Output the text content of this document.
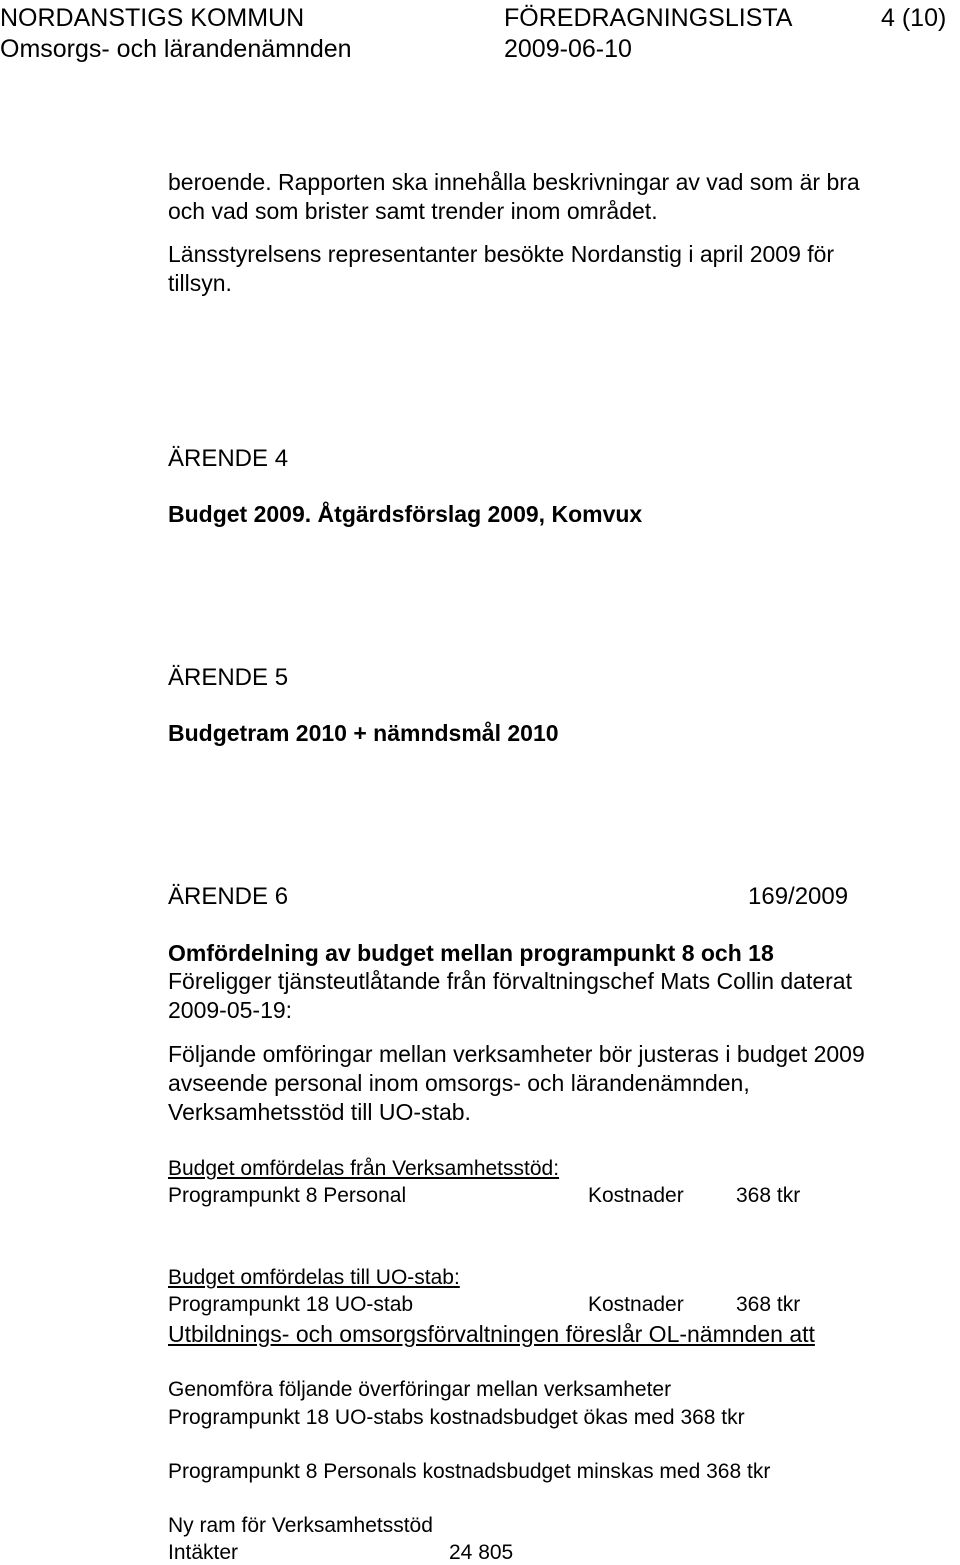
NORDANSTIGS KOMMUN	FÖREDRAGNINGSLISTA	4 (10)
Omsorgs- och lärandenämnden	2009-06-10
beroende. Rapporten ska innehålla beskrivningar av vad som är bra
och vad som brister samt trender inom området.
Länsstyrelsens representanter besökte Nordanstig i april 2009 för
tillsyn.
ÄRENDE 4
Budget 2009. Åtgärdsförslag 2009, Komvux
ÄRENDE 5
Budgetram 2010 + nämndsmål 2010
ÄRENDE 6	169/2009
Omfördelning av budget mellan programpunkt 8 och 18
Föreligger tjänsteutlåtande från förvaltningschef Mats Collin daterat
2009-05-19:
Följande omföringar mellan verksamheter bör justeras i budget 2009
avseende personal inom omsorgs- och lärandenämnden,
Verksamhetsstöd till UO-stab.
Budget omfördelas från Verksamhetsstöd:
Programpunkt 8 Personal	Kostnader 368 tkr
Budget omfördelas till UO-stab:
Programpunkt 18 UO-stab	Kostnader 368 tkr
Utbildnings- och omsorgsförvaltningen föreslår OL-nämnden att
Genomföra följande överföringar mellan verksamheter
Programpunkt 18 UO-stabs kostnadsbudget ökas med 368 tkr
Programpunkt 8 Personals kostnadsbudget minskas med 368 tkr
Ny ram för Verksamhetsstöd
Intäkter	24 805
